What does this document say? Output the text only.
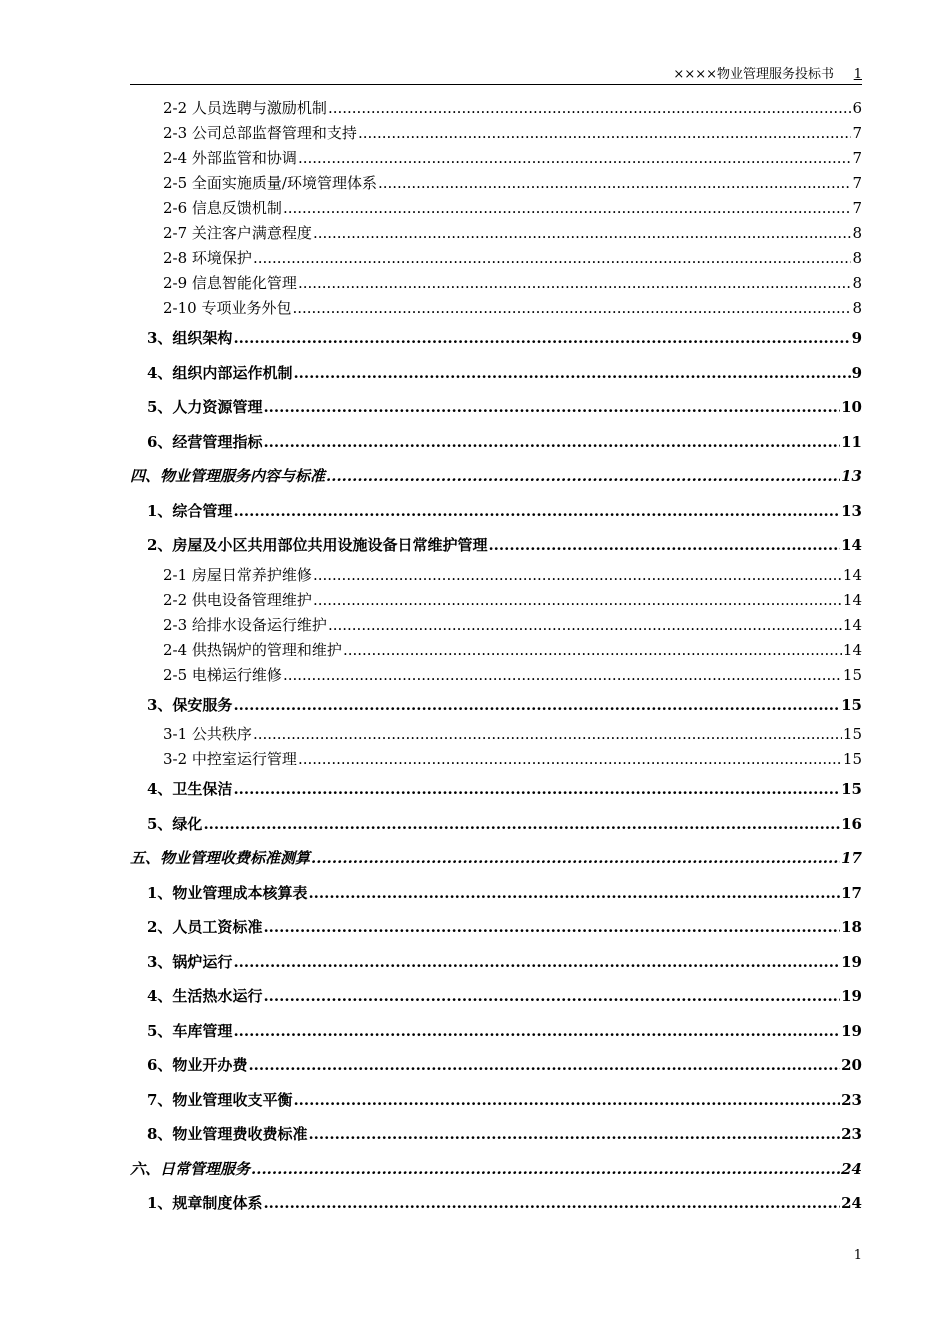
××××物业管理服务投标书 1
2-2 人员选聘与激励机制 .....	6
2-3 公司总部监督管理和支持 .....	7
2-4 外部监管和协调 .....	7
2-5 全面实施质量/环境管理体系 .....	7
2-6 信息反馈机制 .....	7
2-7 关注客户满意程度 .....	8
2-8 环境保护 .....	8
2-9 信息智能化管理 .....	8
2-10 专项业务外包 .....	8
3、组织架构 .....	9
4、组织内部运作机制 .....	9
5、人力资源管理 .....	10
6、经营管理指标 .....	11
四、物业管理服务内容与标准 .....	13
1、综合管理 .....	13
2、房屋及小区共用部位共用设施设备日常维护管理 .....	14
2-1 房屋日常养护维修 .....	14
2-2 供电设备管理维护 .....	14
2-3 给排水设备运行维护 .....	14
2-4 供热锅炉的管理和维护 .....	14
2-5 电梯运行维修 .....	15
3、保安服务 .....	15
3-1 公共秩序 .....	15
3-2 中控室运行管理 .....	15
4、卫生保洁 .....	15
5、绿化 .....	16
五、物业管理收费标准测算 .....	17
1、物业管理成本核算表 .....	17
2、人员工资标准 .....	18
3、锅炉运行 .....	19
4、生活热水运行 .....	19
5、车库管理 .....	19
6、物业开办费 .....	20
7、物业管理收支平衡 .....	23
8、物业管理费收费标准 .....	23
六、日常管理服务 .....	24
1、规章制度体系 .....	24
1
